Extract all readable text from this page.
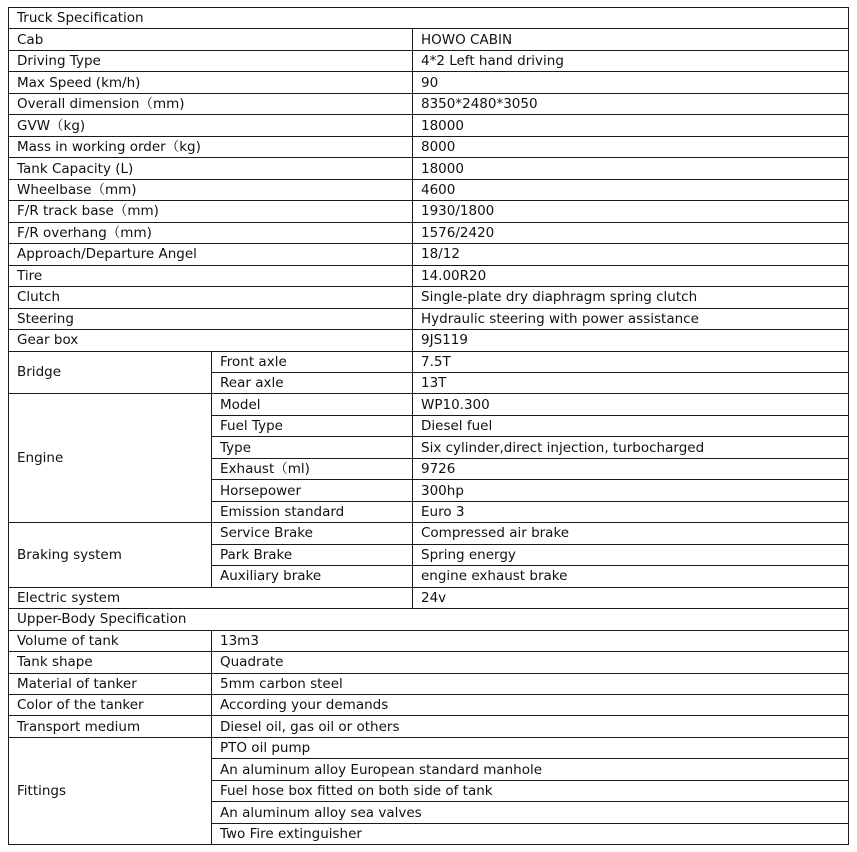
Truck Specification		
Cab		HOWO CABIN
Driving Type		4*2 Left hand driving
Max Speed (km/h)		90
Overall dimension（mm)		8350*2480*3050
GVW（kg)		18000
Mass in working order（kg)		8000
Tank Capacity (L)		18000
Wheelbase（mm)		4600
F/R track base（mm)		1930/1800
F/R overhang（mm)		1576/2420
Approach/Departure Angel		18/12
Tire		14.00R20
Clutch		Single-plate dry diaphragm spring clutch
Steering		Hydraulic steering with power assistance
Gear box		9JS119
Bridge	Front axle	7.5T
	Rear axle	13T
Engine	Model	WP10.300
	Fuel Type	Diesel fuel
	Type	Six cylinder,direct injection, turbocharged
	Exhaust（ml)	9726
	Horsepower	300hp
	Emission standard	Euro 3
Braking system	Service Brake	Compressed air brake
	Park Brake	Spring energy
	Auxiliary brake	engine exhaust brake
Electric system		24v
Upper-Body Specification		
Volume of tank	13m3	
Tank shape	Quadrate	
Material of tanker	5mm carbon steel	
Color of the tanker	According your demands	
Transport medium	Diesel oil, gas oil or others	
Fittings	PTO oil pump	
	An aluminum alloy European standard manhole	
	Fuel hose box fitted on both side of tank	
	An aluminum alloy sea valves	
	Two Fire extinguisher	
